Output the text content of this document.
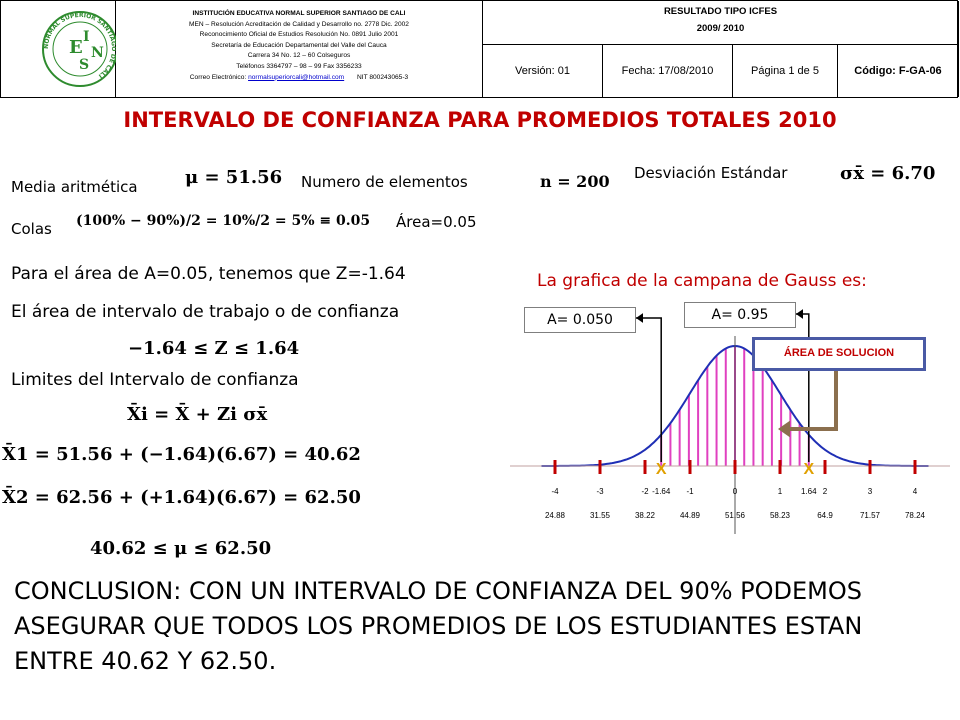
NORMAL SUPERIOR SANTIA DE CALI
E I
N
S
INSTITUCIÓN EDUCATIVA NORMAL SUPERIOR SANTIAGO DE CALI
MEN – Resolución Acreditación de Calidad y Desarrollo no. 2778 Dic. 2002
Reconocimiento Oficial de Estudios Resolución No. 0891 Julio 2001
Secretaría de Educación Departamental del Valle del Cauca
Carrera 34 No. 12 – 60 Colseguros
Teléfonos 3364797 – 98 – 99 Fax 3356233
Correo Electrónico: normalsuperiorcali@hotmail.com NIT 800243065-3
RESULTADO TIPO ICFES
2009/ 2010
Versión: 01	Fecha: 17/08/2010	Página 1 de 5	Código: F-GA-06
INTERVALO DE CONFIANZA PARA PROMEDIOS TOTALES 2010
Media aritmética	μ = 51.56 Numero de elementos	n = 200 Desviación Estándar	σx̄ = 6.70
Colas (100% − 90%)/2 = 10%/2 = 5% ≡ 0.05 Área=0.05
Para el área de A=0.05, tenemos que Z=-1.64
El área de intervalo de trabajo o de confianza
−1.64 ≤ Z ≤ 1.64
Limites del Intervalo de confianza
X̄i = X̄ + Zi σx̄
X̄1 = 51.56 + (−1.64)(6.67) = 40.62
X̄2 = 62.56 + (+1.64)(6.67) = 62.50
40.62 ≤ μ ≤ 62.50
La grafica de la campana de Gauss es:
X	X
-4	-3	-2 -1.64 -1	0	1 1.64 2	3	4
24.88	31.55	38.22	44.89	51.56	58.23	64.9	71.57	78.24
A= 0.050	A= 0.95
ÁREA DE SOLUCION
CONCLUSION: CON UN INTERVALO DE CONFIANZA DEL 90% PODEMOS ASEGURAR QUE TODOS LOS PROMEDIOS DE LOS ESTUDIANTES ESTAN ENTRE 40.62 Y 62.50.
